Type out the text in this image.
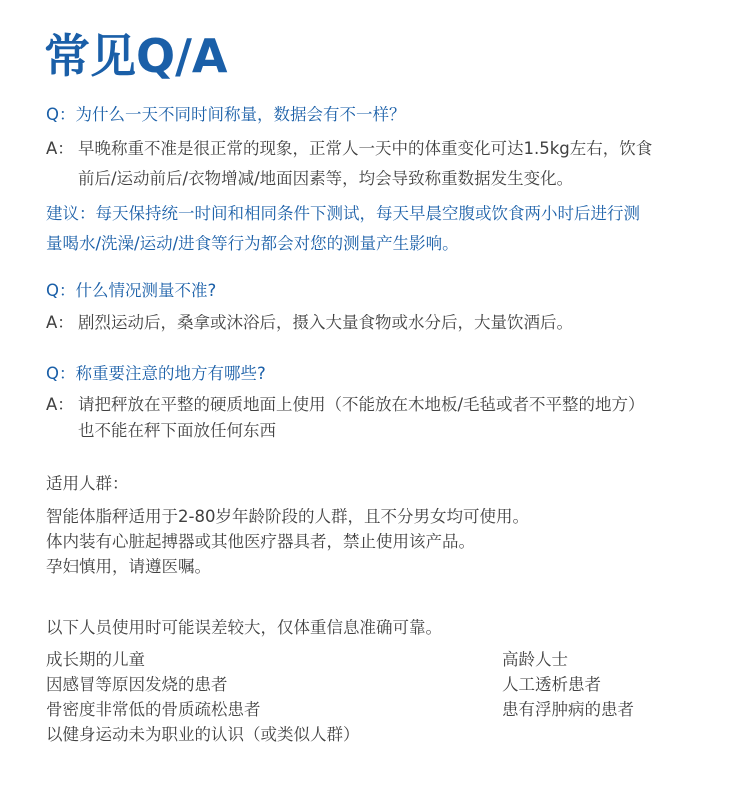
常见Q/A
Q：为什么一天不同时间称量，数据会有不一样？
A： 早晚称重不准是很正常的现象，正常人一天中的体重变化可达1.5kg左右，饮食
前后/运动前后/衣物增减/地面因素等，均会导致称重数据发生变化。
建议：每天保持统一时间和相同条件下测试，每天早晨空腹或饮食两小时后进行测
量喝水/洗澡/运动/进食等行为都会对您的测量产生影响。
Q：什么情况测量不准?
A： 剧烈运动后，桑拿或沐浴后，摄入大量食物或水分后，大量饮酒后。
Q：称重要注意的地方有哪些?
A： 请把秤放在平整的硬质地面上使用（不能放在木地板/毛毡或者不平整的地方）
也不能在秤下面放任何东西
适用人群：
智能体脂秤适用于2-80岁年龄阶段的人群，且不分男女均可使用。
体内装有心脏起搏器或其他医疗器具者，禁止使用该产品。
孕妇慎用，请遵医嘱。
以下人员使用时可能误差较大，仅体重信息准确可靠。
成长期的儿童
因感冒等原因发烧的患者
骨密度非常低的骨质疏松患者
以健身运动未为职业的认识（或类似人群）
高龄人士
人工透析患者
患有浮肿病的患者
